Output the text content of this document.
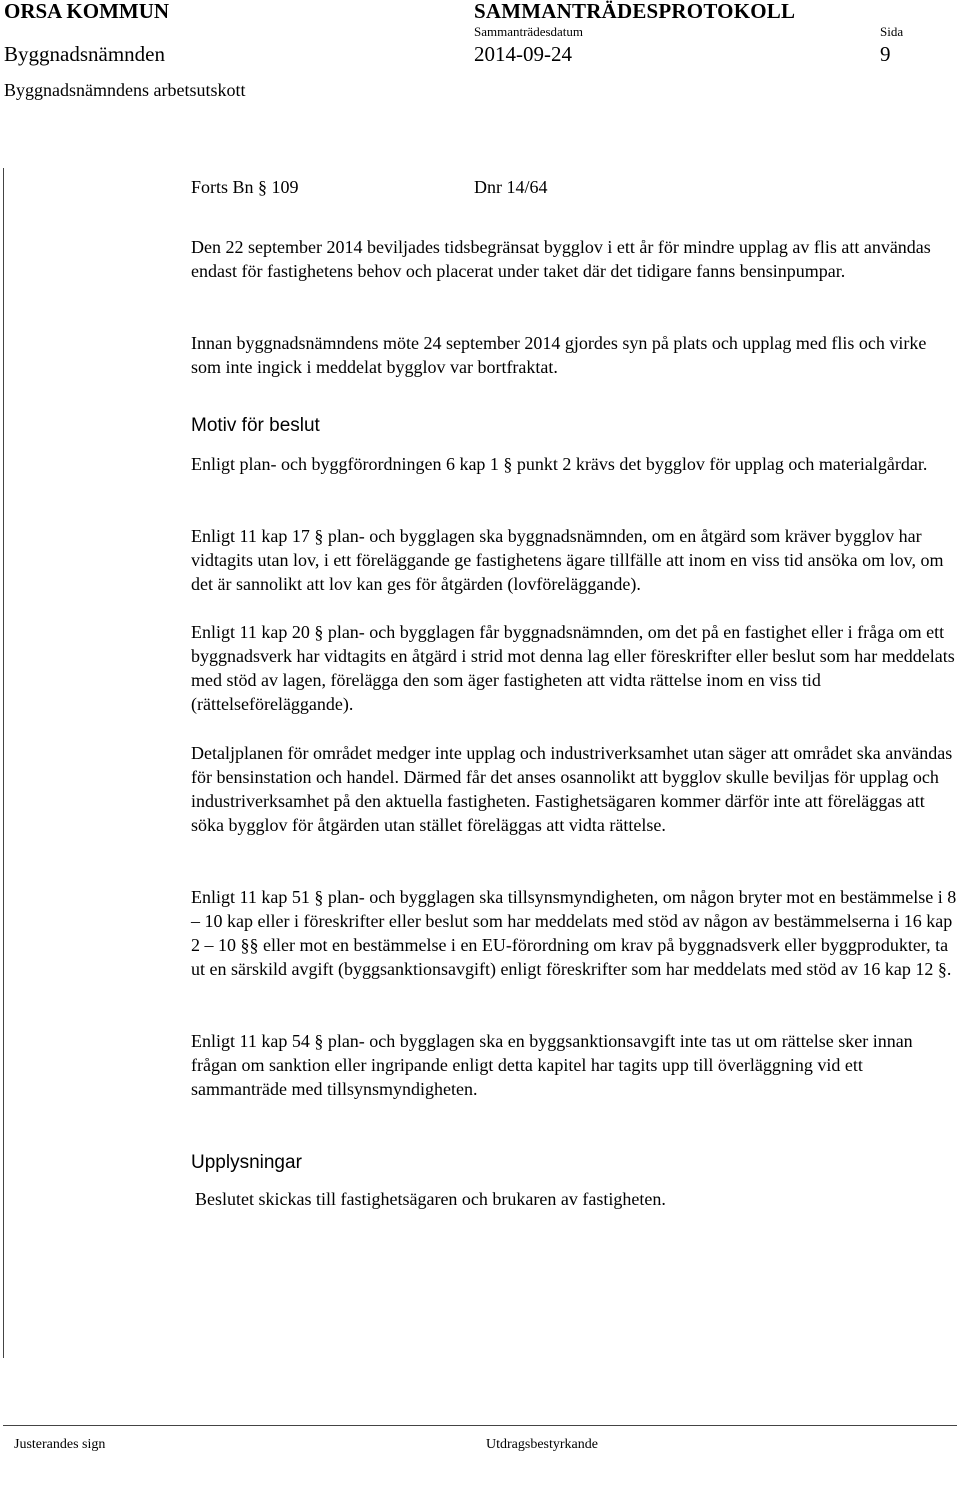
ORSA KOMMUN	SAMMANTRÄDESPROTOKOLL
Sammanträdesdatum	Sida
Byggnadsnämnden	2014-09-24	9
Byggnadsnämndens arbetsutskott
Forts Bn § 109	Dnr 14/64

Den 22 september 2014 beviljades tidsbegränsat bygglov i ett år för mindre upplag av flis att användas endast för fastighetens behov och placerat under taket där det tidigare fanns bensinpumpar.

Innan byggnadsnämndens möte 24 september 2014 gjordes syn på plats och upplag med flis och virke som inte ingick i meddelat bygglov var bortfraktat.

Motiv för beslut

Enligt plan- och byggförordningen 6 kap 1 § punkt 2 krävs det bygglov för upplag och materialgårdar.

Enligt 11 kap 17 § plan- och bygglagen ska byggnadsnämnden, om en åtgärd som kräver bygglov har vidtagits utan lov, i ett föreläggande ge fastighetens ägare tillfälle att inom en viss tid ansöka om lov, om det är sannolikt att lov kan ges för åtgärden (lovföreläggande).

Enligt 11 kap 20 § plan- och bygglagen får byggnadsnämnden, om det på en fastighet eller i fråga om ett byggnadsverk har vidtagits en åtgärd i strid mot denna lag eller föreskrifter eller beslut som har meddelats med stöd av lagen, förelägga den som äger fastigheten att vidta rättelse inom en viss tid (rättelseföreläggande).

Detaljplanen för området medger inte upplag och industriverksamhet utan säger att området ska användas för bensinstation och handel. Därmed får det anses osannolikt att bygglov skulle beviljas för upplag och industriverksamhet på den aktuella fastigheten. Fastighetsägaren kommer därför inte att föreläggas att söka bygglov för åtgärden utan stället föreläggas att vidta rättelse.

Enligt 11 kap 51 § plan- och bygglagen ska tillsynsmyndigheten, om någon bryter mot en bestämmelse i 8 – 10 kap eller i föreskrifter eller beslut som har meddelats med stöd av någon av bestämmelserna i 16 kap 2 – 10 §§ eller mot en bestämmelse i en EU-förordning om krav på byggnadsverk eller byggprodukter, ta ut en särskild avgift (byggsanktionsavgift) enligt föreskrifter som har meddelats med stöd av 16 kap 12 §.

Enligt 11 kap 54 § plan- och bygglagen ska en byggsanktionsavgift inte tas ut om rättelse sker innan frågan om sanktion eller ingripande enligt detta kapitel har tagits upp till överläggning vid ett sammanträde med tillsynsmyndigheten.

Upplysningar

Beslutet skickas till fastighetsägaren och brukaren av fastigheten.

Justerandes sign	Utdragsbestyrkande
